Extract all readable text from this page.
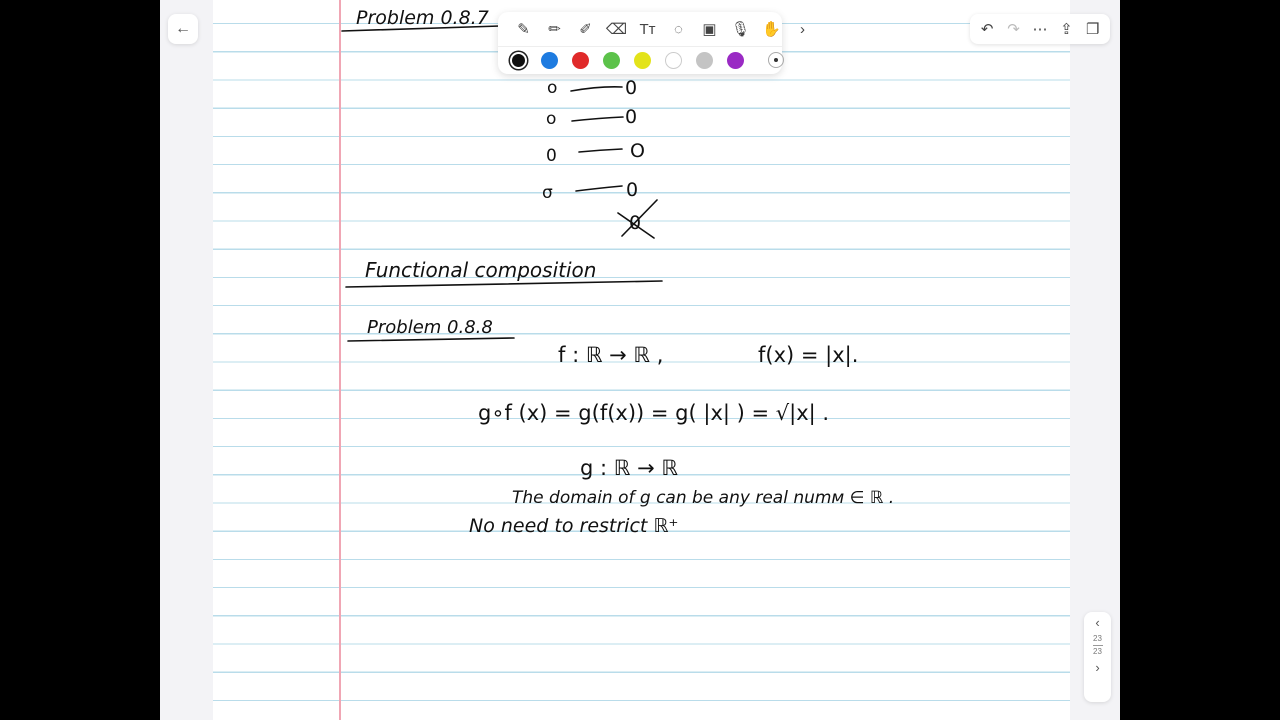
Problem 0.8.7
o	0
o	0
0	O
σ	0
0
Functional composition
Problem 0.8.8
f : ℝ → ℝ ,	f(x) = |x|.
g∘f (x) = g(f(x)) = g( |x| ) = √|x| .
g : ℝ → ℝ
The domain of g can be any real numᴍ ∈ ℝ .
No need to restrict ℝ⁺
←	✎	✏	✐ ⌫ Tт	◌	▣ 🎙 ✋	›	↶ ↷ ⋯ ⇪ ❐
‹
23
23
›
